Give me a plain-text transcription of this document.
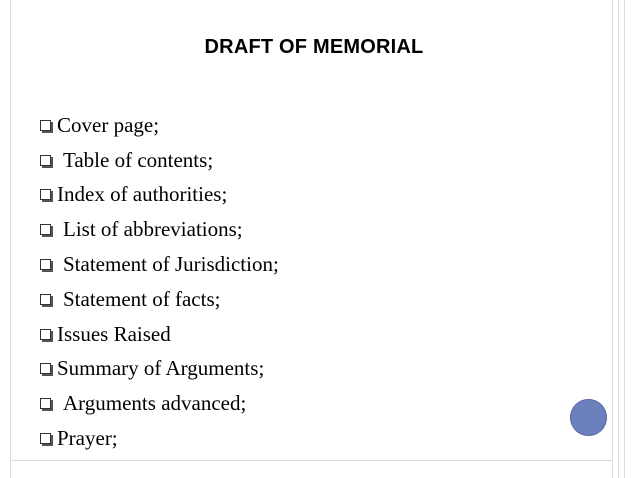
DRAFT OF MEMORIAL
Cover page;
Table of contents;
Index of authorities;
List of abbreviations;
Statement of Jurisdiction;
Statement of facts;
Issues Raised
Summary of Arguments;
Arguments advanced;
Prayer;
